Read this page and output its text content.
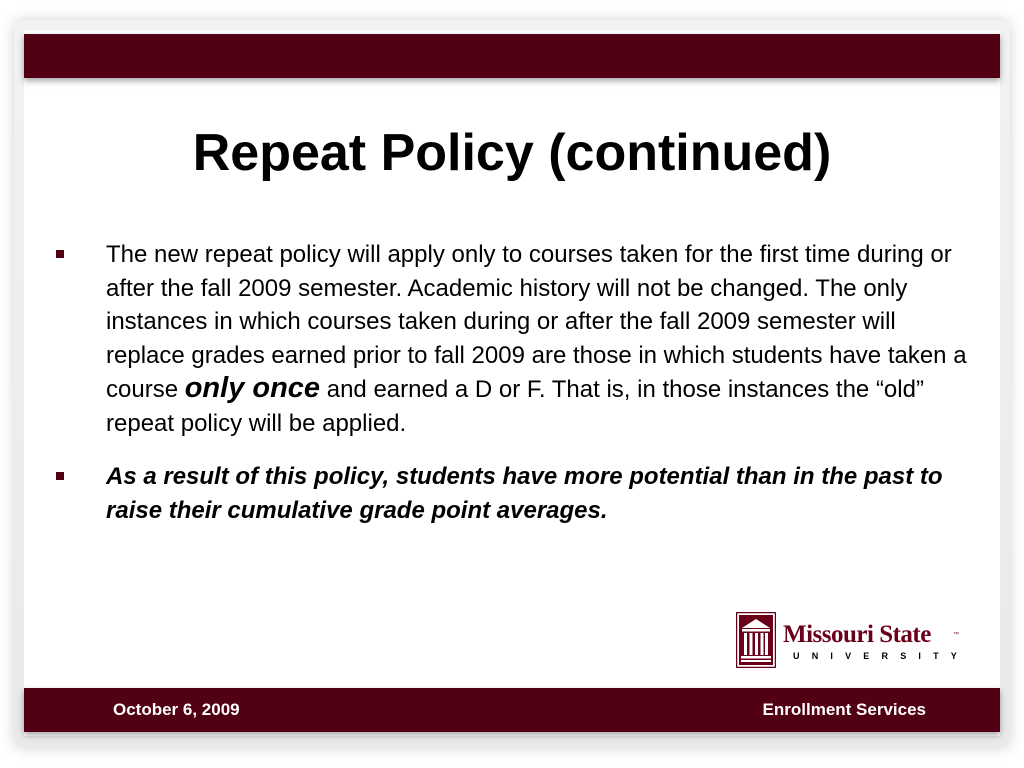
Repeat Policy (continued)
The new repeat policy will apply only to courses taken for the first time during or after the fall 2009 semester. Academic history will not be changed. The only instances in which courses taken during or after the fall 2009 semester will replace grades earned prior to fall 2009 are those in which students have taken a course only once and earned a D or F. That is, in those instances the “old” repeat policy will be applied.
As a result of this policy, students have more potential than in the past to raise their cumulative grade point averages.
Missouri State	™
UNIVERSITY
October 6, 2009	Enrollment Services
